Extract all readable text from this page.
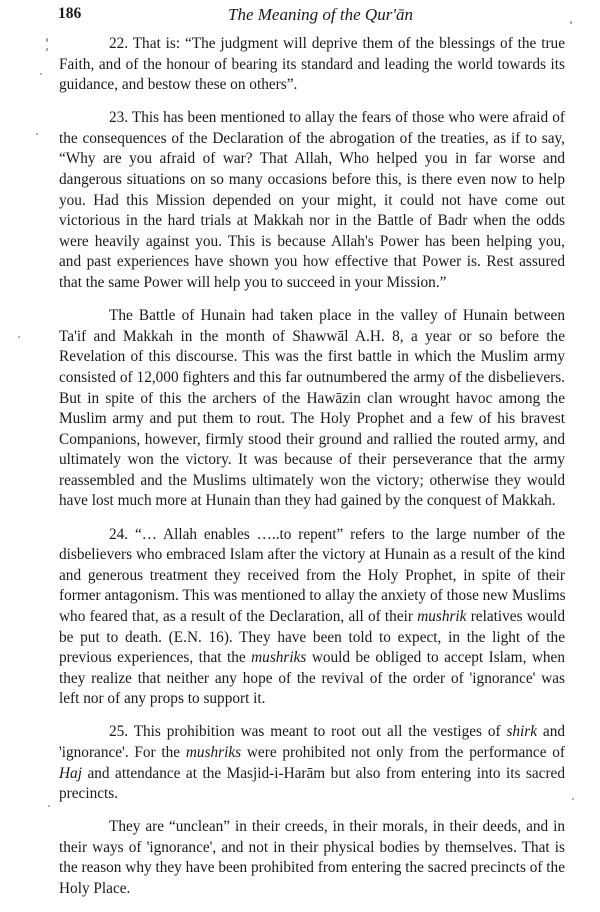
186	The Meaning of the Qur'ān
22. That is: “The judgment will deprive them of the blessings of the true
Faith, and of the honour of bearing its standard and leading the world towards its
guidance, and bestow these on others”.
23. This has been mentioned to allay the fears of those who were afraid of
the consequences of the Declaration of the abrogation of the treaties, as if to say,
“Why are you afraid of war? That Allah, Who helped you in far worse and
dangerous situations on so many occasions before this, is there even now to help
you. Had this Mission depended on your might, it could not have come out
victorious in the hard trials at Makkah nor in the Battle of Badr when the odds
were heavily against you. This is because Allah's Power has been helping you,
and past experiences have shown you how effective that Power is. Rest assured
that the same Power will help you to succeed in your Mission.”
The Battle of Hunain had taken place in the valley of Hunain between
Ta'if and Makkah in the month of Shawwāl A.H. 8, a year or so before the
Revelation of this discourse. This was the first battle in which the Muslim army
consisted of 12,000 fighters and this far outnumbered the army of the disbelievers.
But in spite of this the archers of the Hawāzin clan wrought havoc among the
Muslim army and put them to rout. The Holy Prophet and a few of his bravest
Companions, however, firmly stood their ground and rallied the routed army, and
ultimately won the victory. It was because of their perseverance that the army
reassembled and the Muslims ultimately won the victory; otherwise they would
have lost much more at Hunain than they had gained by the conquest of Makkah.
24. “… Allah enables …..to repent” refers to the large number of the
disbelievers who embraced Islam after the victory at Hunain as a result of the kind
and generous treatment they received from the Holy Prophet, in spite of their
former antagonism. This was mentioned to allay the anxiety of those new Muslims
who feared that, as a result of the Declaration, all of their mushrik relatives would
be put to death. (E.N. 16). They have been told to expect, in the light of the
previous experiences, that the mushriks would be obliged to accept Islam, when
they realize that neither any hope of the revival of the order of 'ignorance' was
left nor of any props to support it.
25. This prohibition was meant to root out all the vestiges of shirk and
'ignorance'. For the mushriks were prohibited not only from the performance of
Haj and attendance at the Masjid-i-Harām but also from entering into its sacred
precincts.
They are “unclean” in their creeds, in their morals, in their deeds, and in
their ways of 'ignorance', and not in their physical bodies by themselves. That is
the reason why they have been prohibited from entering the sacred precincts of the
Holy Place.
